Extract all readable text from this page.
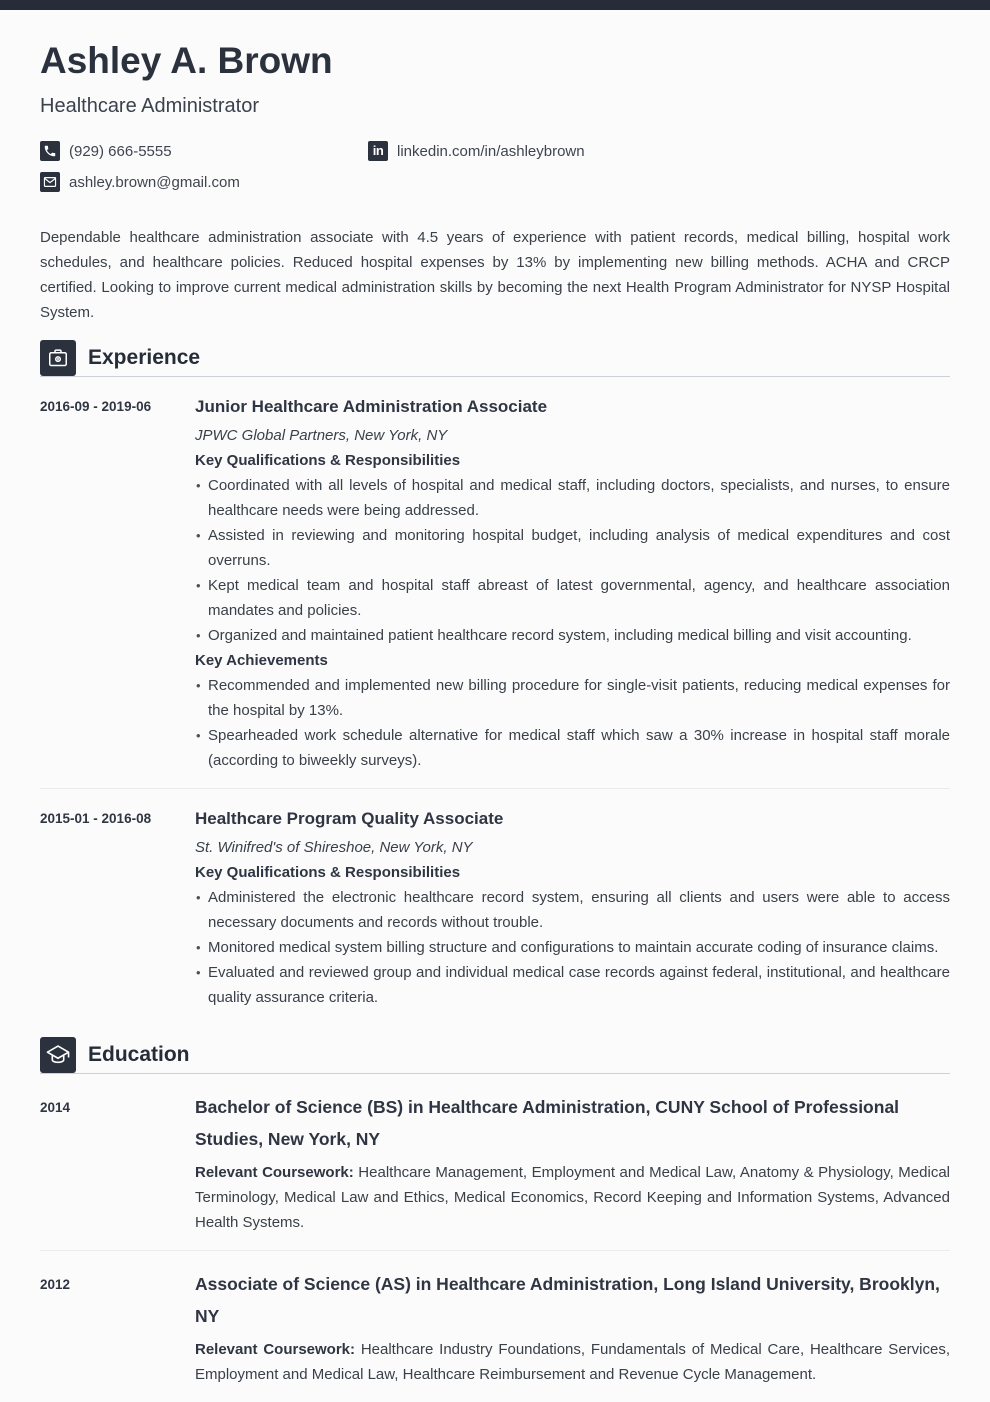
Ashley A. Brown
Healthcare Administrator
(929) 666-5555	in linkedin.com/in/ashleybrown
ashley.brown@gmail.com

Dependable healthcare administration associate with 4.5 years of experience with patient records, medical billing, hospital work schedules, and healthcare policies. Reduced hospital expenses by 13% by implementing new billing methods. ACHA and CRCP certified. Looking to improve current medical administration skills by becoming the next Health Program Administrator for NYSP Hospital System.

Experience
2016-09 - 2019-06	Junior Healthcare Administration Associate
JPWC Global Partners, New York, NY
Key Qualifications & Responsibilities
• Coordinated with all levels of hospital and medical staff, including doctors, specialists, and nurses, to ensure healthcare needs were being addressed.
• Assisted in reviewing and monitoring hospital budget, including analysis of medical expenditures and cost overruns.
• Kept medical team and hospital staff abreast of latest governmental, agency, and healthcare association mandates and policies.
• Organized and maintained patient healthcare record system, including medical billing and visit accounting.
Key Achievements
• Recommended and implemented new billing procedure for single-visit patients, reducing medical expenses for the hospital by 13%.
• Spearheaded work schedule alternative for medical staff which saw a 30% increase in hospital staff morale (according to biweekly surveys).
2015-01 - 2016-08	Healthcare Program Quality Associate
St. Winifred's of Shireshoe, New York, NY
Key Qualifications & Responsibilities
• Administered the electronic healthcare record system, ensuring all clients and users were able to access necessary documents and records without trouble.
• Monitored medical system billing structure and configurations to maintain accurate coding of insurance claims.
• Evaluated and reviewed group and individual medical case records against federal, institutional, and healthcare quality assurance criteria.
Education
2014	Bachelor of Science (BS) in Healthcare Administration, CUNY School of Professional Studies, New York, NY

Relevant Coursework: Healthcare Management, Employment and Medical Law, Anatomy & Physiology, Medical Terminology, Medical Law and Ethics, Medical Economics, Record Keeping and Information Systems, Advanced Health Systems.

2012	Associate of Science (AS) in Healthcare Administration, Long Island University, Brooklyn, NY

Relevant Coursework: Healthcare Industry Foundations, Fundamentals of Medical Care, Healthcare Services, Employment and Medical Law, Healthcare Reimbursement and Revenue Cycle Management.
